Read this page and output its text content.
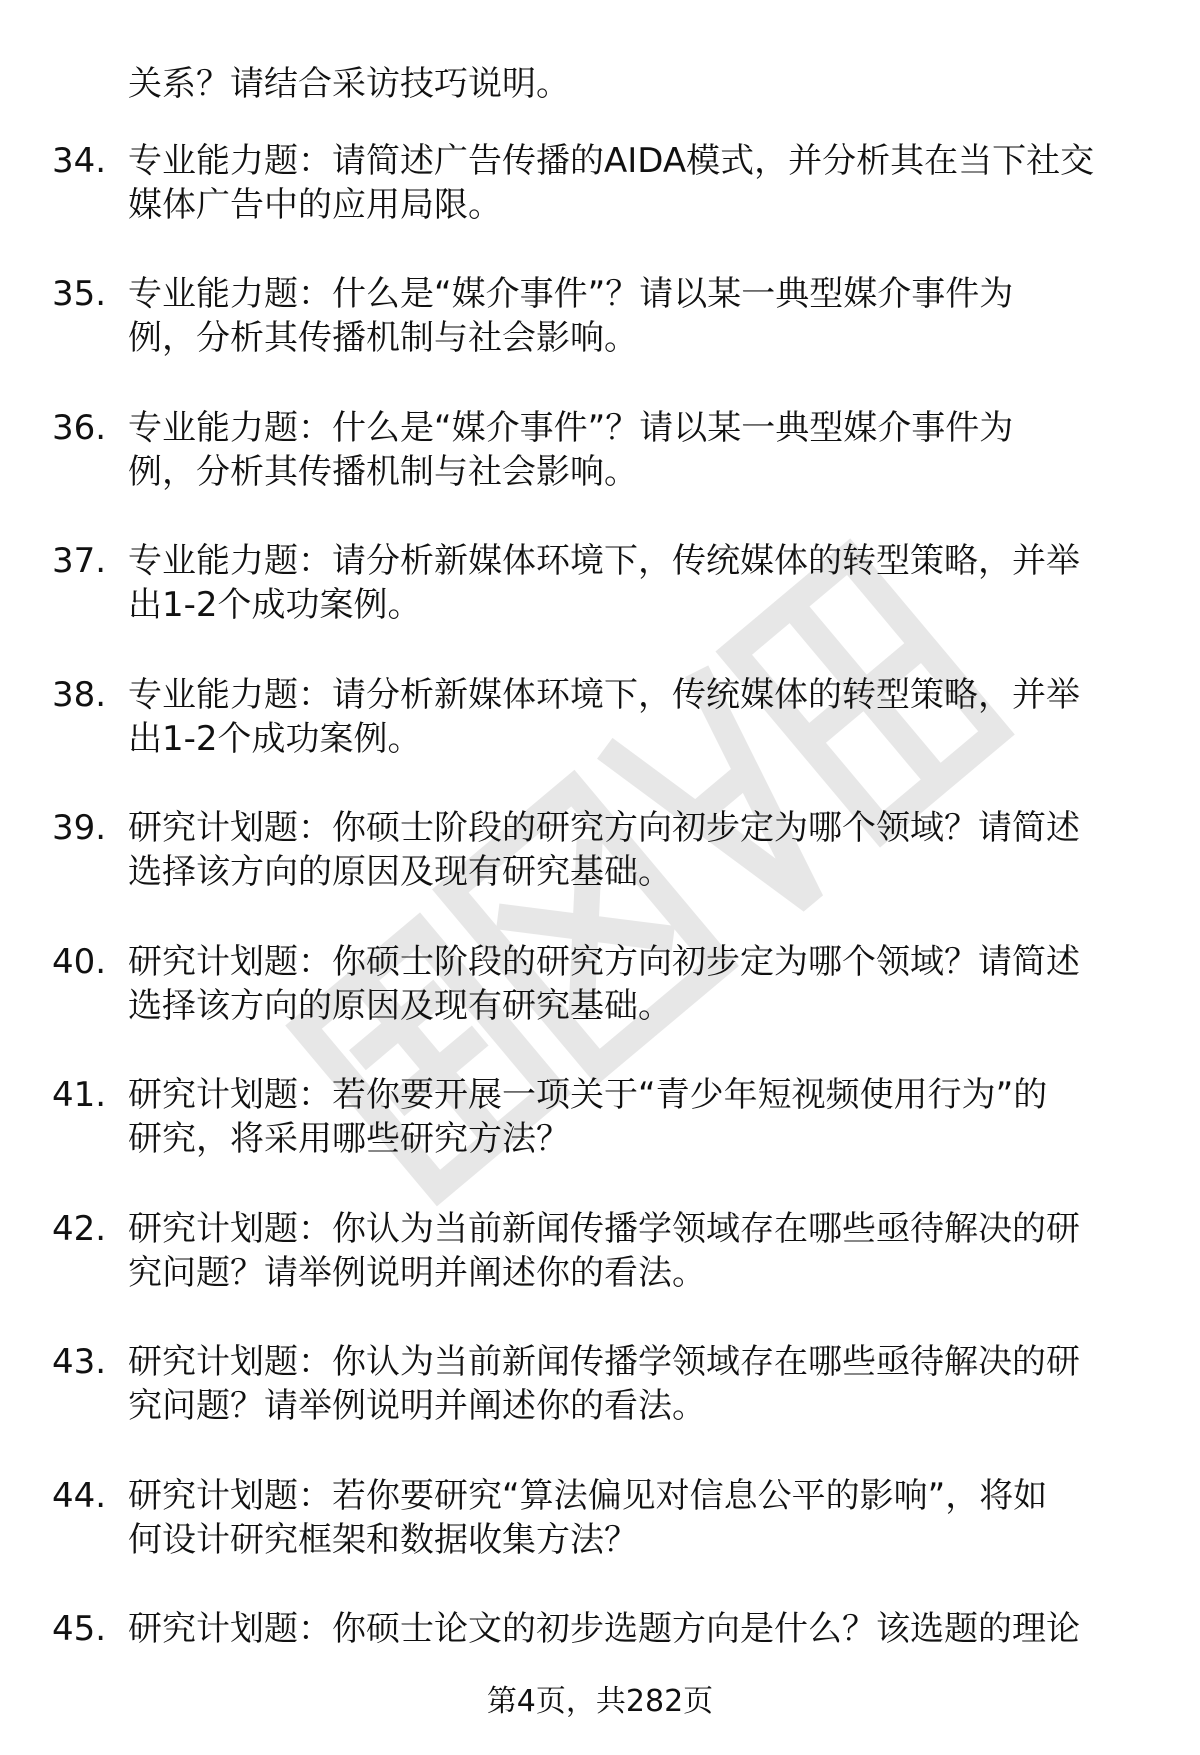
关系？请结合采访技巧说明。
34. 专业能力题：请简述广告传播的AIDA模式，并分析其在当下社交
媒体广告中的应用局限。
35. 专业能力题：什么是“媒介事件”？请以某一典型媒介事件为
例，分析其传播机制与社会影响。
36. 专业能力题：什么是“媒介事件”？请以某一典型媒介事件为
例，分析其传播机制与社会影响。
37. 专业能力题：请分析新媒体环境下，传统媒体的转型策略，并举
出1-2个成功案例。
38. 专业能力题：请分析新媒体环境下，传统媒体的转型策略，并举
出1-2个成功案例。
39. 研究计划题：你硕士阶段的研究方向初步定为哪个领域？请简述
选择该方向的原因及现有研究基础。
40. 研究计划题：你硕士阶段的研究方向初步定为哪个领域？请简述
选择该方向的原因及现有研究基础。
41. 研究计划题：若你要开展一项关于“青少年短视频使用行为”的
研究，将采用哪些研究方法？
42. 研究计划题：你认为当前新闻传播学领域存在哪些亟待解决的研
究问题？请举例说明并阐述你的看法。
43. 研究计划题：你认为当前新闻传播学领域存在哪些亟待解决的研
究问题？请举例说明并阐述你的看法。
44. 研究计划题：若你要研究“算法偏见对信息公平的影响”，将如
何设计研究框架和数据收集方法？
45. 研究计划题：你硕士论文的初步选题方向是什么？该选题的理论
第4页，共282页
